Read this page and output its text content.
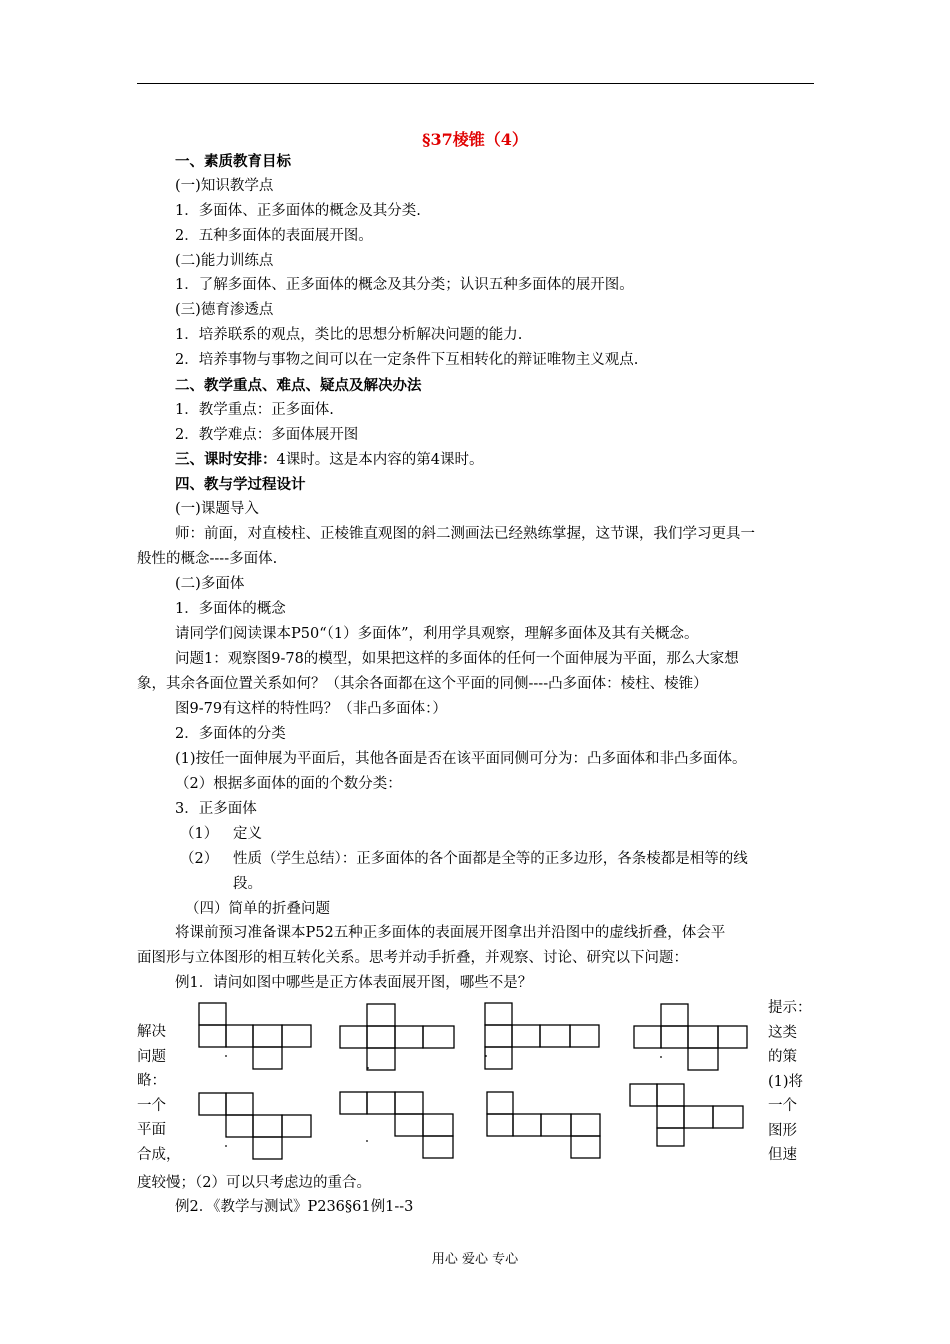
§37棱锥（4）
一、素质教育目标
(一)知识教学点
1．多面体、正多面体的概念及其分类.
2．五种多面体的表面展开图。
(二)能力训练点
1．了解多面体、正多面体的概念及其分类；认识五种多面体的展开图。
(三)德育渗透点
1．培养联系的观点，类比的思想分析解决问题的能力.
2．培养事物与事物之间可以在一定条件下互相转化的辩证唯物主义观点.
二、教学重点、难点、疑点及解决办法
1．教学重点：正多面体.
2．教学难点：多面体展开图
三、课时安排：4课时。这是本内容的第4课时。
四、教与学过程设计
(一)课题导入
师：前面，对直棱柱、正棱锥直观图的斜二测画法已经熟练掌握，这节课，我们学习更具一
般性的概念----多面体.
(二)多面体
1．多面体的概念
请同学们阅读课本P50“（1）多面体”，利用学具观察，理解多面体及其有关概念。
问题1：观察图9-78的模型，如果把这样的多面体的任何一个面伸展为平面，那么大家想
象，其余各面位置关系如何？（其余各面都在这个平面的同侧----凸多面体：棱柱、棱锥）
图9-79有这样的特性吗？（非凸多面体：）
2．多面体的分类
(1)按任一面伸展为平面后，其他各面是否在该平面同侧可分为：凸多面体和非凸多面体。
（2）根据多面体的面的个数分类：
3．正多面体
（1） 定义
（2） 性质（学生总结）：正多面体的各个面都是全等的正多边形，各条棱都是相等的线
段。
（四）简单的折叠问题
将课前预习准备课本P52五种正多面体的表面展开图拿出并沿图中的虚线折叠，体会平
面图形与立体图形的相互转化关系。思考并动手折叠，并观察、讨论、研究以下问题：
例1．请问如图中哪些是正方体表面展开图，哪些不是？
解决
问题
略：
一个
平面
合成，
提示：
这类
的策
(1)将
一个
图形
但速
度较慢；（2）可以只考虑边的重合。
例2．《教学与测试》P236§61例1--3
用心 爱心 专心
